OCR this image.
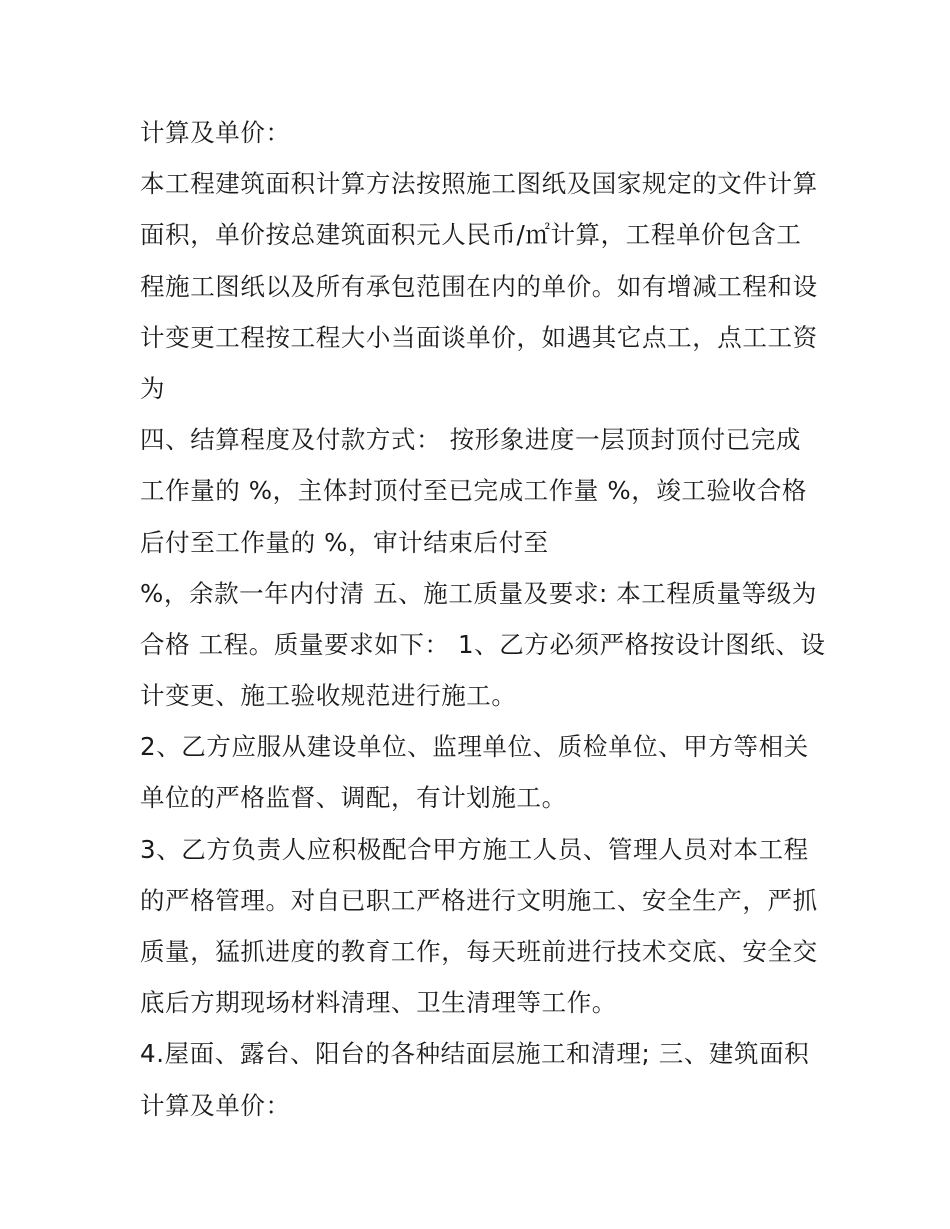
计算及单价：
本工程建筑面积计算方法按照施工图纸及国家规定的文件计算
面积，单价按总建筑面积元人民币/㎡计算，工程单价包含工
程施工图纸以及所有承包范围在内的单价。如有增减工程和设
计变更工程按工程大小当面谈单价，如遇其它点工，点工工资
为
四、结算程度及付款方式： 按形象进度一层顶封顶付已完成
工作量的 %，主体封顶付至已完成工作量 %，竣工验收合格
后付至工作量的 %，审计结束后付至
%，余款一年内付清 五、施工质量及要求: 本工程质量等级为
合格 工程。质量要求如下： 1、乙方必须严格按设计图纸、设
计变更、施工验收规范进行施工。
2、乙方应服从建设单位、监理单位、质检单位、甲方等相关
单位的严格监督、调配，有计划施工。
3、乙方负责人应积极配合甲方施工人员、管理人员对本工程
的严格管理。对自已职工严格进行文明施工、安全生产，严抓
质量，猛抓进度的教育工作，每天班前进行技术交底、安全交
底后方期现场材料清理、卫生清理等工作。
4.屋面、露台、阳台的各种结面层施工和清理; 三、建筑面积
计算及单价：
